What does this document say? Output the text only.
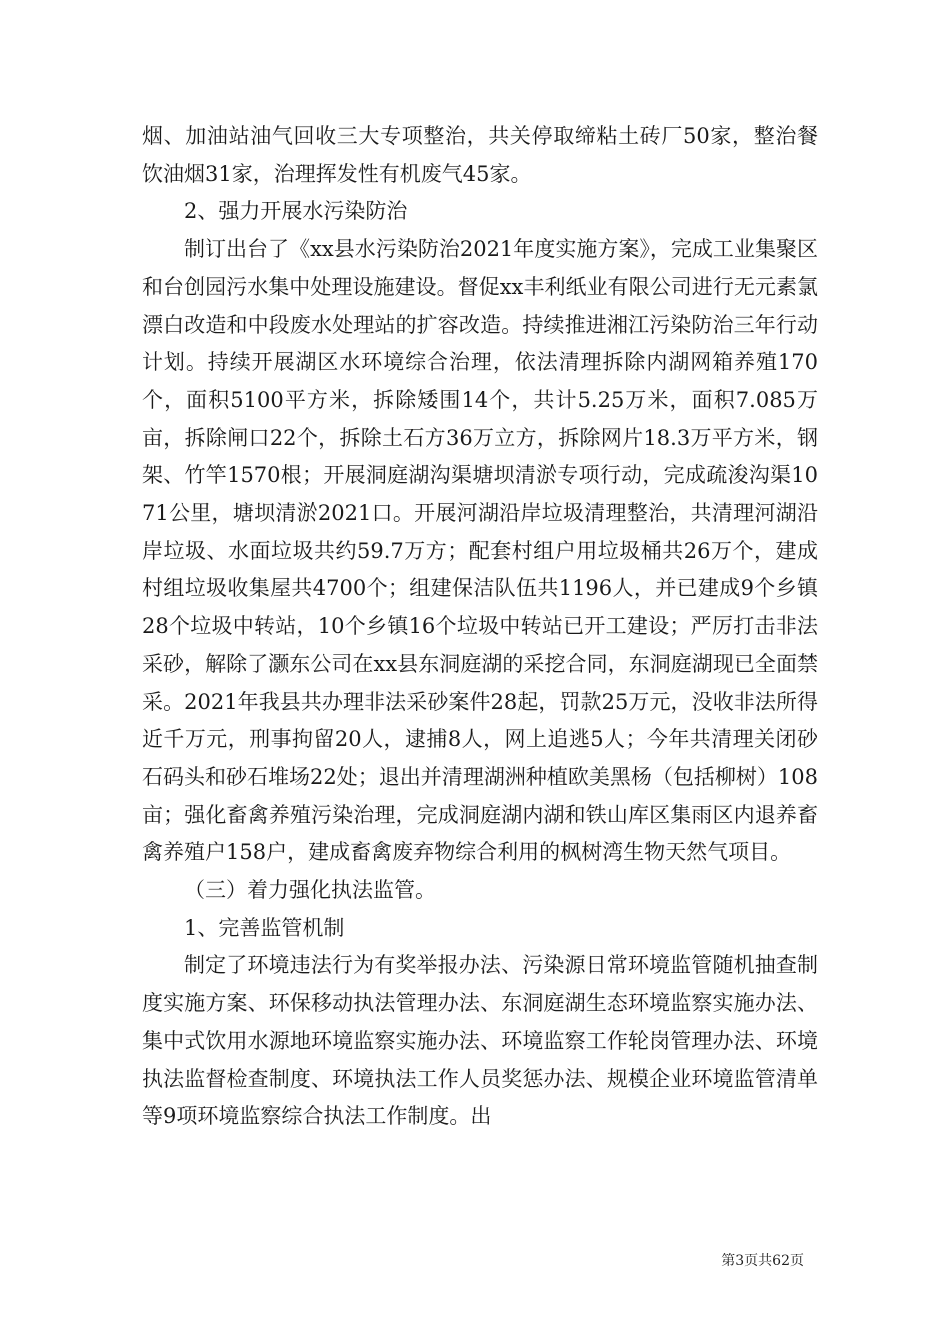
烟、加油站油气回收三大专项整治，共关停取缔粘土砖厂50家，整治餐饮油烟31家，治理挥发性有机废气45家。

2、强力开展水污染防治

制订出台了《xx县水污染防治2021年度实施方案》，完成工业集聚区和台创园污水集中处理设施建设。督促xx丰利纸业有限公司进行无元素氯漂白改造和中段废水处理站的扩容改造。持续推进湘江污染防治三年行动计划。持续开展湖区水环境综合治理，依法清理拆除内湖网箱养殖170个，面积5100平方米，拆除矮围14个，共计5.25万米，面积7.085万亩，拆除闸口22个，拆除土石方36万立方，拆除网片18.3万平方米，钢架、竹竿1570根；开展洞庭湖沟渠塘坝清淤专项行动，完成疏浚沟渠1071公里，塘坝清淤2021口。开展河湖沿岸垃圾清理整治，共清理河湖沿岸垃圾、水面垃圾共约59.7万方；配套村组户用垃圾桶共26万个，建成村组垃圾收集屋共4700个；组建保洁队伍共1196人，并已建成9个乡镇28个垃圾中转站，10个乡镇16个垃圾中转站已开工建设；严厉打击非法采砂，解除了灏东公司在xx县东洞庭湖的采挖合同，东洞庭湖现已全面禁采。2021年我县共办理非法采砂案件28起，罚款25万元，没收非法所得近千万元，刑事拘留20人，逮捕8人，网上追逃5人；今年共清理关闭砂石码头和砂石堆场22处；退出并清理湖洲种植欧美黑杨（包括柳树）108亩；强化畜禽养殖污染治理，完成洞庭湖内湖和铁山库区集雨区内退养畜禽养殖户158户，建成畜禽废弃物综合利用的枫树湾生物天然气项目。

（三）着力强化执法监管。

1、完善监管机制

制定了环境违法行为有奖举报办法、污染源日常环境监管随机抽查制度实施方案、环保移动执法管理办法、东洞庭湖生态环境监察实施办法、集中式饮用水源地环境监察实施办法、环境监察工作轮岗管理办法、环境执法监督检查制度、环境执法工作人员奖惩办法、规模企业环境监管清单等9项环境监察综合执法工作制度。出

第3页共62页
